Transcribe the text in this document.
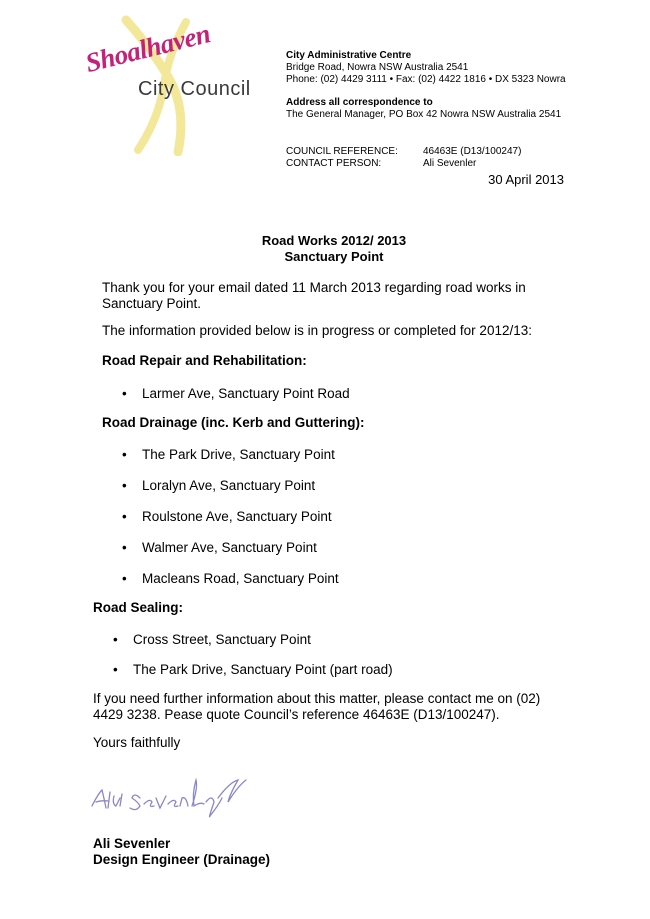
Shoalhaven
City Council
City Administrative Centre
Bridge Road, Nowra NSW Australia 2541
Phone: (02) 4429 3111 • Fax: (02) 4422 1816 • DX 5323 Nowra
Address all correspondence to
The General Manager, PO Box 42 Nowra NSW Australia 2541
COUNCIL REFERENCE:	46463E (D13/100247)
CONTACT PERSON:	Ali Sevenler
30 April 2013
Road Works 2012/ 2013
Sanctuary Point
Thank you for your email dated 11 March 2013 regarding road works in
Sanctuary Point.
The information provided below is in progress or completed for 2012/13:
Road Repair and Rehabilitation:
•	Larmer Ave, Sanctuary Point Road
Road Drainage (inc. Kerb and Guttering):
•	The Park Drive, Sanctuary Point
•	Loralyn Ave, Sanctuary Point
•	Roulstone Ave, Sanctuary Point
•	Walmer Ave, Sanctuary Point
•	Macleans Road, Sanctuary Point
Road Sealing:
•	Cross Street, Sanctuary Point
•	The Park Drive, Sanctuary Point (part road)
If you need further information about this matter, please contact me on (02)
4429 3238. Pease quote Council’s reference 46463E (D13/100247).
Yours faithfully
Ali Sevenler
Design Engineer (Drainage)
